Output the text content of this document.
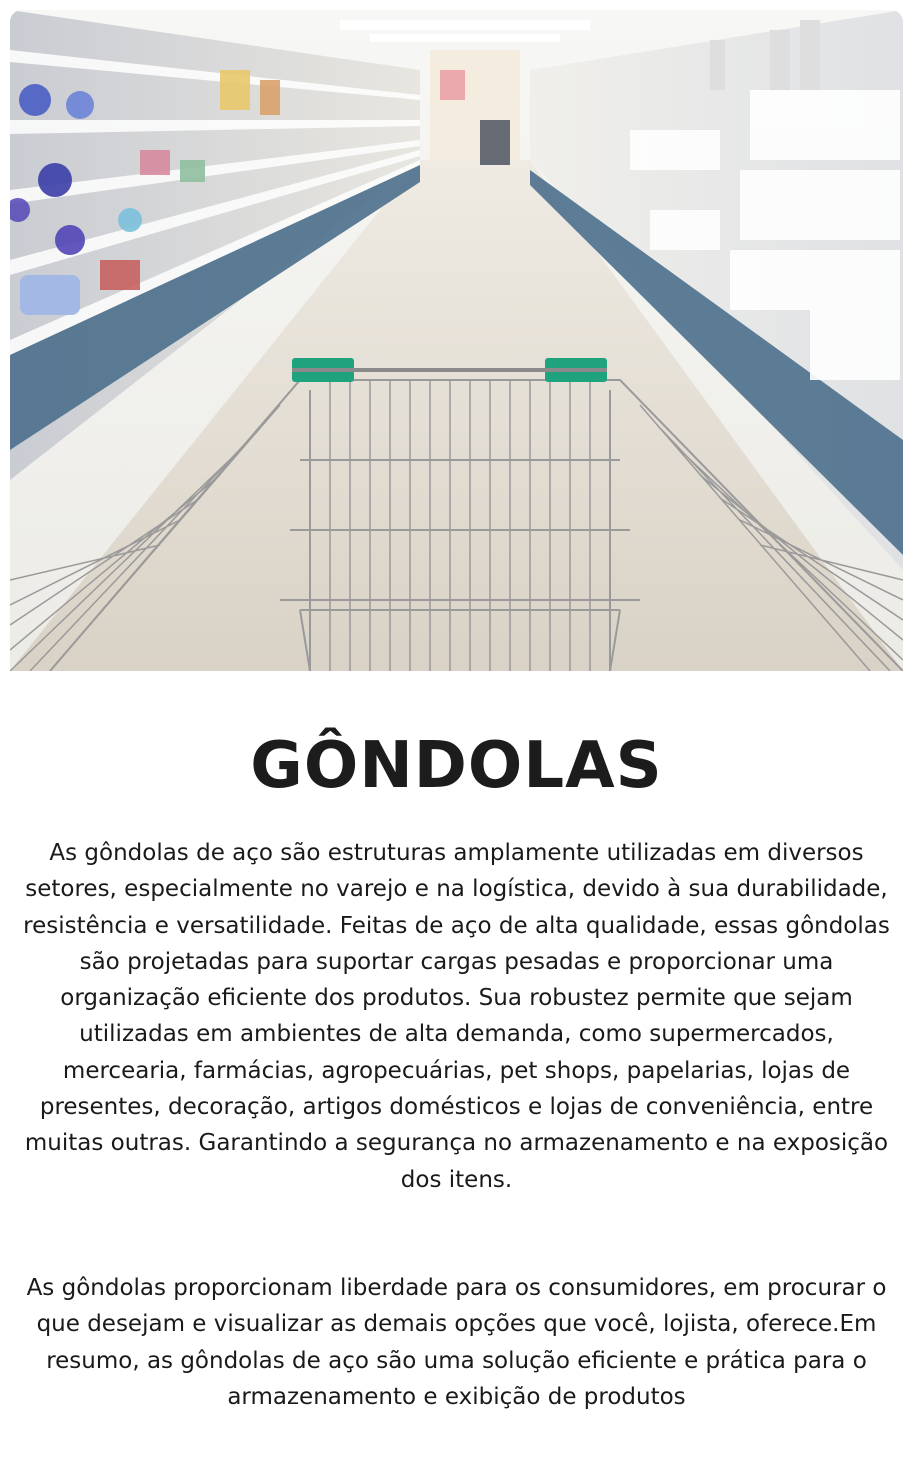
GÔNDOLAS

As gôndolas de aço são estruturas amplamente utilizadas em diversos setores, especialmente no varejo e na logística, devido à sua durabilidade, resistência e versatilidade. Feitas de aço de alta qualidade, essas gôndolas são projetadas para suportar cargas pesadas e proporcionar uma organização eficiente dos produtos. Sua robustez permite que sejam utilizadas em ambientes de alta demanda, como supermercados, mercearia, farmácias, agropecuárias, pet shops, papelarias, lojas de presentes, decoração, artigos domésticos e lojas de conveniência, entre muitas outras. Garantindo a segurança no armazenamento e na exposição dos itens.

As gôndolas proporcionam liberdade para os consumidores, em procurar o que desejam e visualizar as demais opções que você, lojista, oferece.Em resumo, as gôndolas de aço são uma solução eficiente e prática para o armazenamento e exibição de produtos
